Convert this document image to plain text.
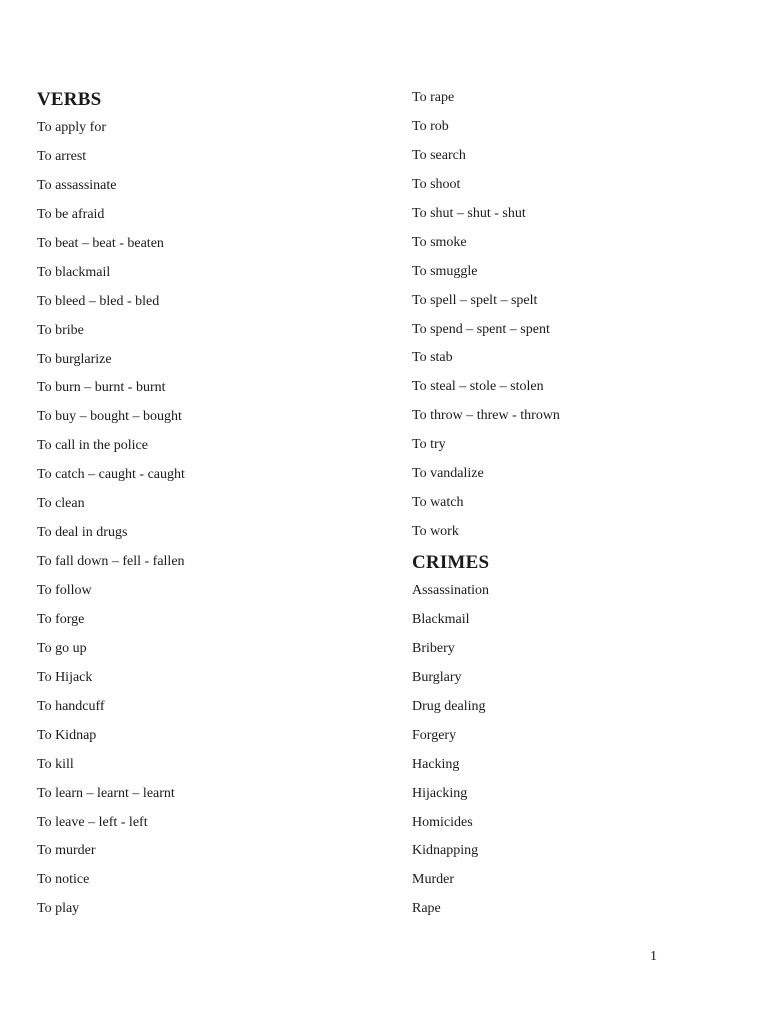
VERBS
To apply for
To arrest
To assassinate
To be afraid
To beat – beat - beaten
To blackmail
To bleed – bled - bled
To bribe
To burglarize
To burn – burnt - burnt
To buy – bought – bought
To call in the police
To catch – caught - caught
To clean
To deal in drugs
To fall down – fell - fallen
To follow
To forge
To go up
To Hijack
To handcuff
To Kidnap
To kill
To learn – learnt – learnt
To leave – left - left
To murder
To notice
To play
To rape
To rob
To search
To shoot
To shut – shut - shut
To smoke
To smuggle
To spell – spelt – spelt
To spend – spent – spent
To stab
To steal – stole – stolen
To throw – threw - thrown
To try
To vandalize
To watch
To work
CRIMES
Assassination
Blackmail
Bribery
Burglary
Drug dealing
Forgery
Hacking
Hijacking
Homicides
Kidnapping
Murder
Rape
1
